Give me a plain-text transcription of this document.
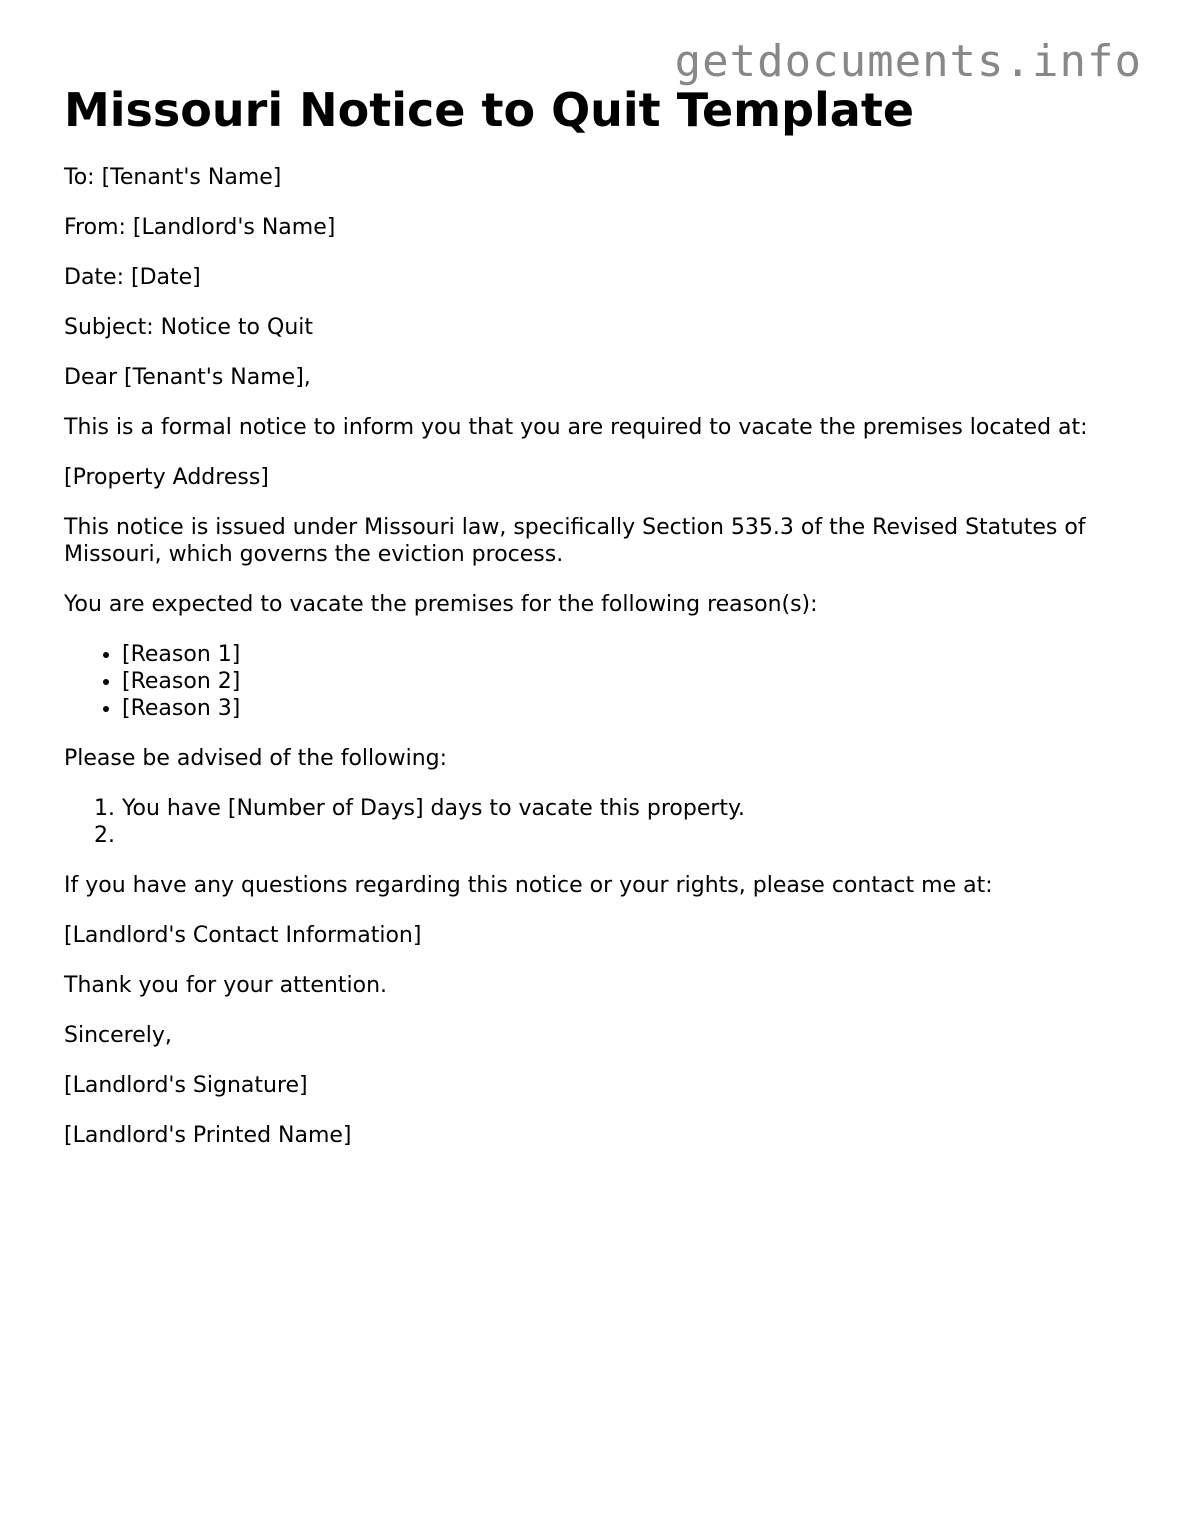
getdocuments.info
Missouri Notice to Quit Template

To: [Tenant's Name]

From: [Landlord's Name]

Date: [Date]

Subject: Notice to Quit

Dear [Tenant's Name],

This is a formal notice to inform you that you are required to vacate the premises located at:

[Property Address]

This notice is issued under Missouri law, specifically Section 535.3 of the Revised Statutes of Missouri, which governs the eviction process.

You are expected to vacate the premises for the following reason(s):

• [Reason 1]
• [Reason 2]
• [Reason 3]

Please be advised of the following:

1. You have [Number of Days] days to vacate this property.
2.

If you have any questions regarding this notice or your rights, please contact me at:

[Landlord's Contact Information]

Thank you for your attention.

Sincerely,

[Landlord's Signature]

[Landlord's Printed Name]
